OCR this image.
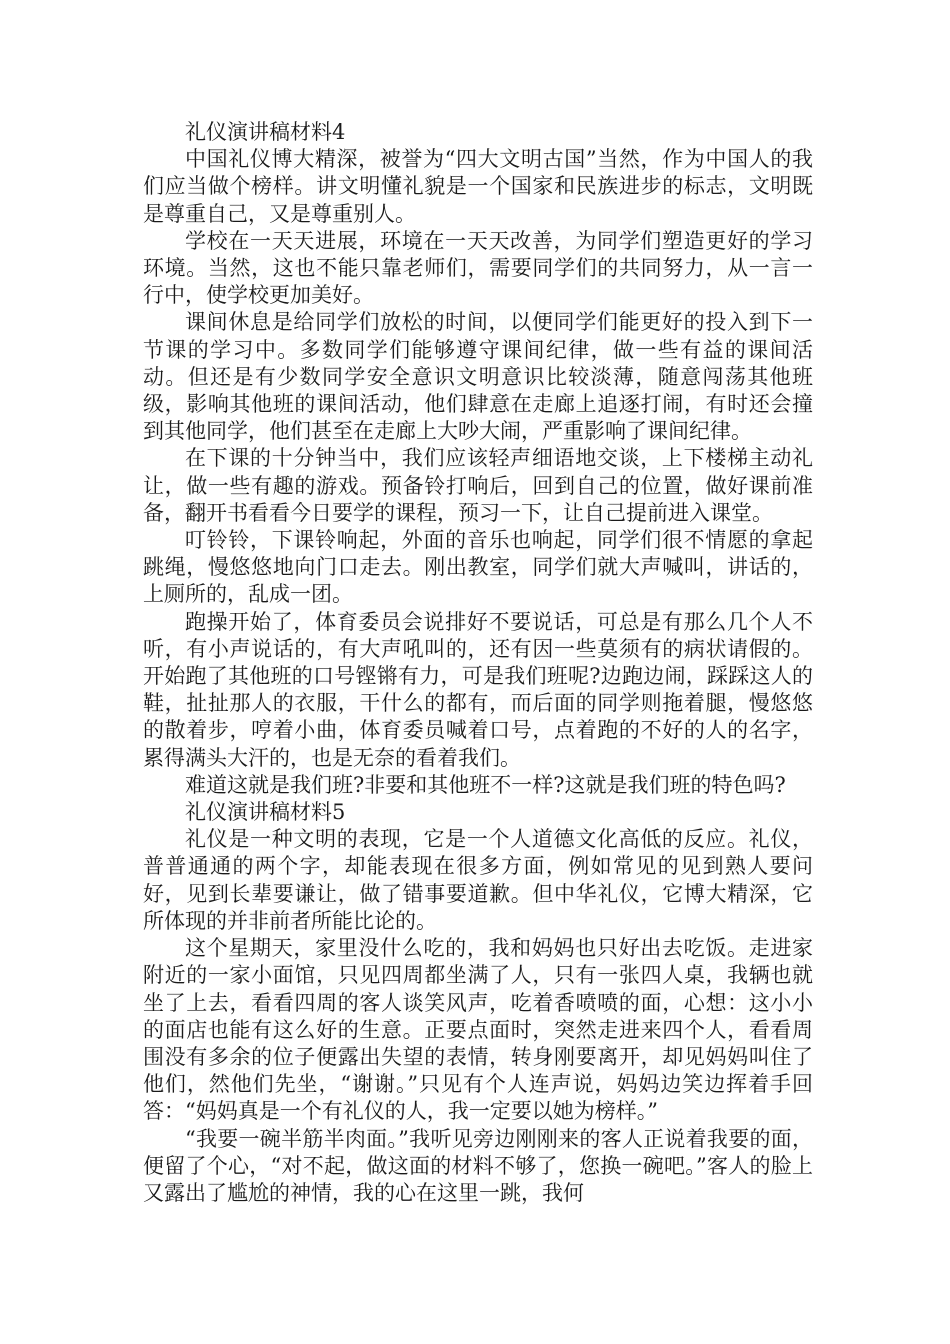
礼仪演讲稿材料4

中国礼仪博大精深，被誉为“四大文明古国”当然，作为中国人的我们应当做个榜样。讲文明懂礼貌是一个国家和民族进步的标志，文明既是尊重自己，又是尊重别人。

学校在一天天进展，环境在一天天改善，为同学们塑造更好的学习环境。当然，这也不能只靠老师们，需要同学们的共同努力，从一言一行中，使学校更加美好。

课间休息是给同学们放松的时间，以便同学们能更好的投入到下一节课的学习中。多数同学们能够遵守课间纪律，做一些有益的课间活动。但还是有少数同学安全意识文明意识比较淡薄，随意闯荡其他班级，影响其他班的课间活动，他们肆意在走廊上追逐打闹，有时还会撞到其他同学，他们甚至在走廊上大吵大闹，严重影响了课间纪律。

在下课的十分钟当中，我们应该轻声细语地交谈，上下楼梯主动礼让，做一些有趣的游戏。预备铃打响后，回到自己的位置，做好课前准备，翻开书看看今日要学的课程，预习一下，让自己提前进入课堂。

叮铃铃，下课铃响起，外面的音乐也响起，同学们很不情愿的拿起跳绳，慢悠悠地向门口走去。刚出教室，同学们就大声喊叫，讲话的，上厕所的，乱成一团。

跑操开始了，体育委员会说排好不要说话，可总是有那么几个人不听，有小声说话的，有大声吼叫的，还有因一些莫须有的病状请假的。开始跑了其他班的口号铿锵有力，可是我们班呢?边跑边闹，踩踩这人的鞋，扯扯那人的衣服，干什么的都有，而后面的同学则拖着腿，慢悠悠的散着步，哼着小曲，体育委员喊着口号，点着跑的不好的人的名字，累得满头大汗的，也是无奈的看着我们。

难道这就是我们班?非要和其他班不一样?这就是我们班的特色吗?

礼仪演讲稿材料5

礼仪是一种文明的表现，它是一个人道德文化高低的反应。礼仪，普普通通的两个字，却能表现在很多方面，例如常见的见到熟人要问好，见到长辈要谦让，做了错事要道歉。但中华礼仪，它博大精深，它所体现的并非前者所能比论的。

这个星期天，家里没什么吃的，我和妈妈也只好出去吃饭。走进家附近的一家小面馆，只见四周都坐满了人，只有一张四人桌，我辆也就坐了上去，看看四周的客人谈笑风声，吃着香喷喷的面，心想：这小小的面店也能有这么好的生意。正要点面时，突然走进来四个人，看看周围没有多余的位子便露出失望的表情，转身刚要离开，却见妈妈叫住了他们，然他们先坐，“谢谢。”只见有个人连声说，妈妈边笑边挥着手回答：“妈妈真是一个有礼仪的人，我一定要以她为榜样。”

“我要一碗半筋半肉面。”我听见旁边刚刚来的客人正说着我要的面，便留了个心，“对不起，做这面的材料不够了，您换一碗吧。”客人的脸上又露出了尴尬的神情，我的心在这里一跳，我何
